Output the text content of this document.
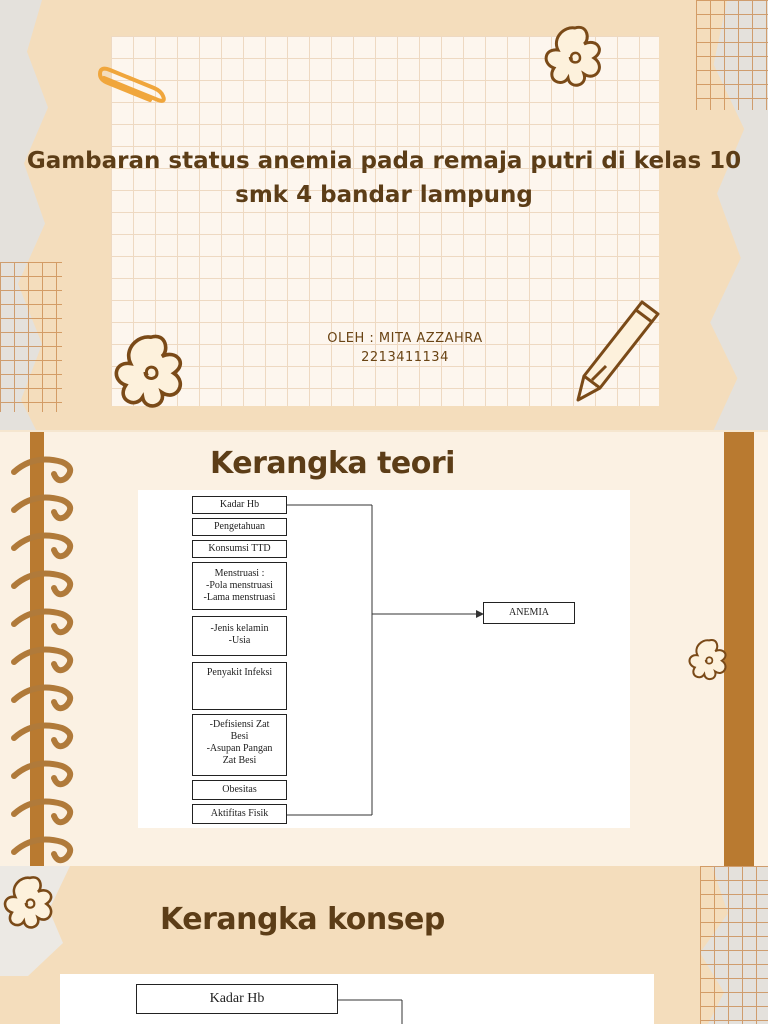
Gambaran status anemia pada remaja putri di kelas 10 smk 4 bandar lampung
OLEH : MITA AZZAHRA
2213411134
Kerangka teori
Kadar Hb
Pengetahuan
Konsumsi TTD
Menstruasi :
-Pola menstruasi
-Lama menstruasi
-Jenis kelamin
-Usia
Penyakit Infeksi
-Defisiensi Zat
Besi
-Asupan Pangan
Zat Besi
Obesitas
Aktifitas Fisik
ANEMIA
Kerangka konsep
Kadar Hb
